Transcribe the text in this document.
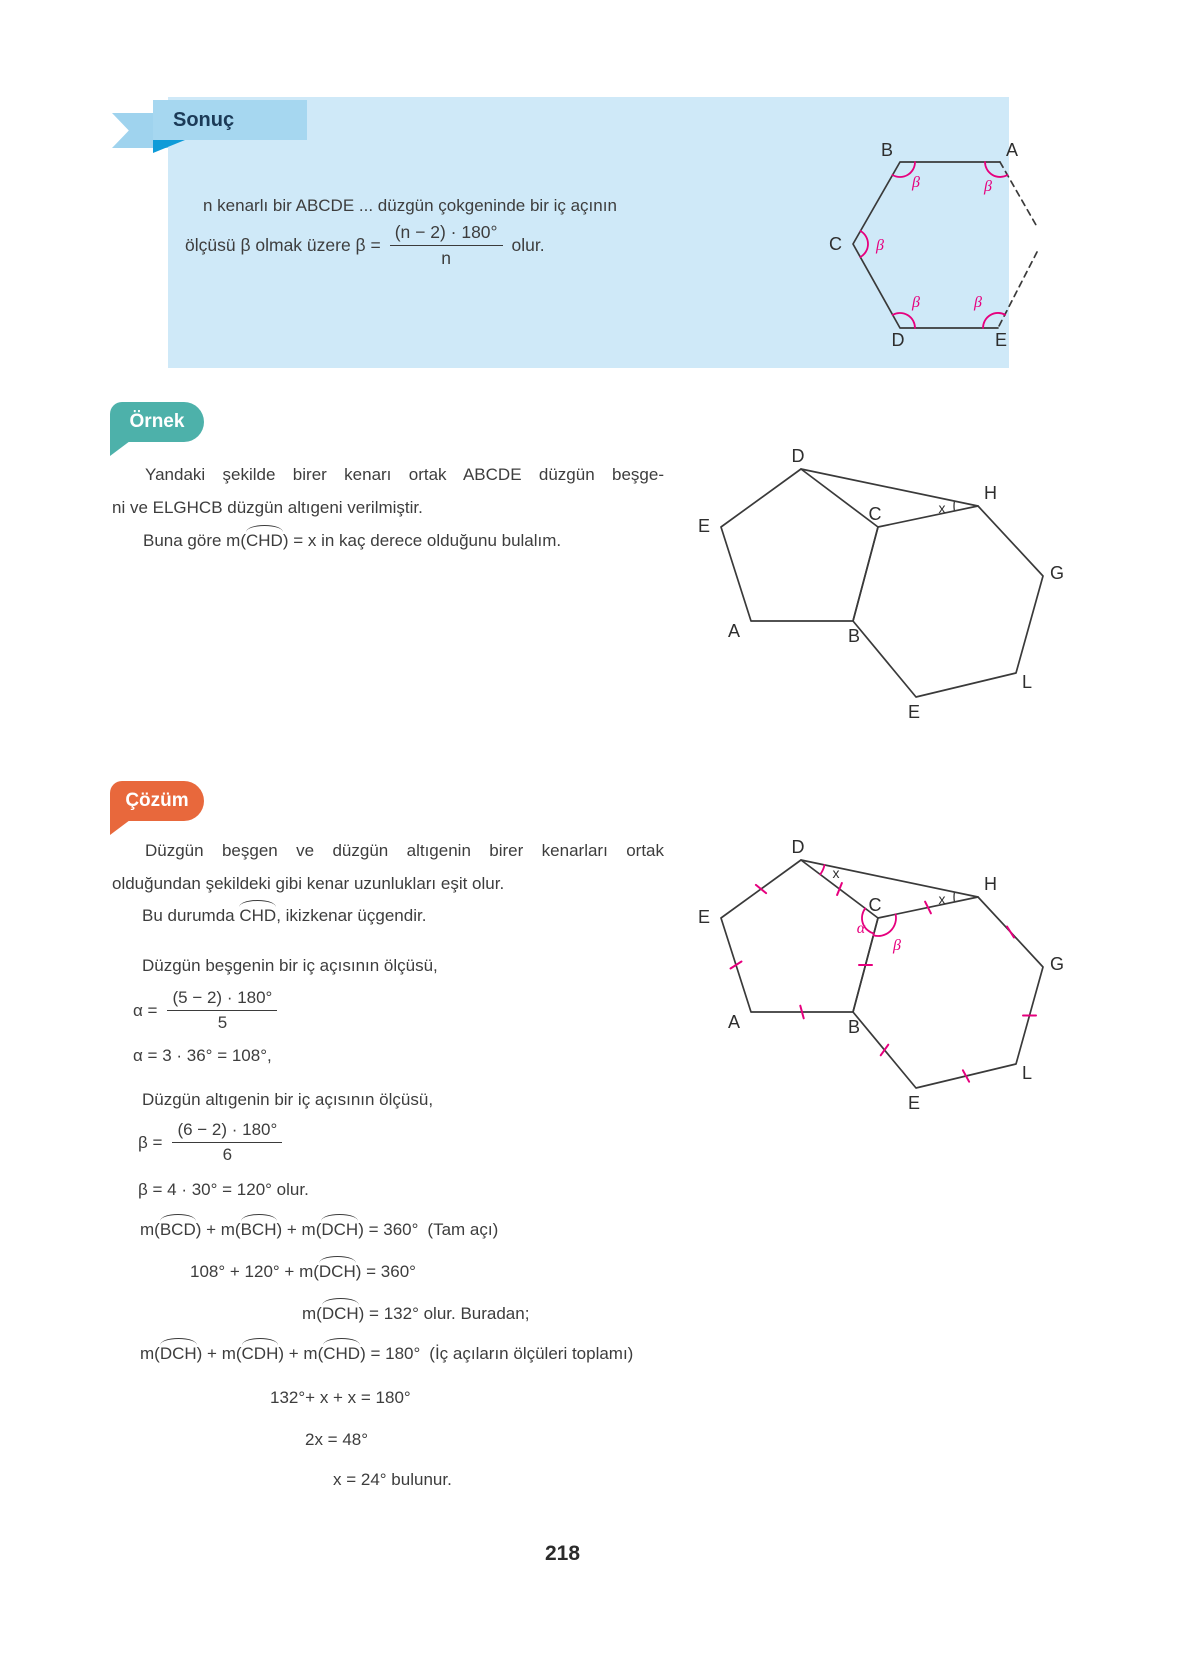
B	A
C
D	E
β	β
β
β	β
Sonuç
n kenarlı bir ABCDE ... düzgün çokgeninde bir iç açının
ölçüsü β olmak üzere $\beta = \frac{(n - 2) \cdot 180^\circ}{n}$ olur.
Örnek
Yandaki şekilde birer kenarı ortak ABCDE düzgün beşge-
ni ve ELGHCB düzgün altıgeni verilmiştir.
Buna göre m(CHD) = x in kaç derece olduğunu bulalım.
D
E
A	B
C
H
G
L
E
x
Çözüm
Düzgün beşgen ve düzgün altıgenin birer kenarları ortak
olduğundan şekildeki gibi kenar uzunlukları eşit olur.
Bu durumda CHD, ikizkenar üçgendir.
Düzgün beşgenin bir iç açısının ölçüsü,
$\alpha = \frac{(5 - 2) \cdot 180^\circ}{5}$
α = 3 · 36° = 108°,
Düzgün altıgenin bir iç açısının ölçüsü,
$\beta = \frac{(6 - 2) \cdot 180^\circ}{6}$
β = 4 · 30° = 120° olur.
m(BCD) + m(BCH) + m(DCH) = 360° (Tam açı)
108° + 120° + m(DCH) = 360°
m(DCH) = 132° olur. Buradan;
m(DCH) + m(CDH) + m(CHD) = 180° (İç açıların ölçüleri toplamı)
132°+ x + x = 180°
2x = 48°
x = 24° bulunur.
D
E
A	B
C
H
G
L
E
x
x
α
β
218
